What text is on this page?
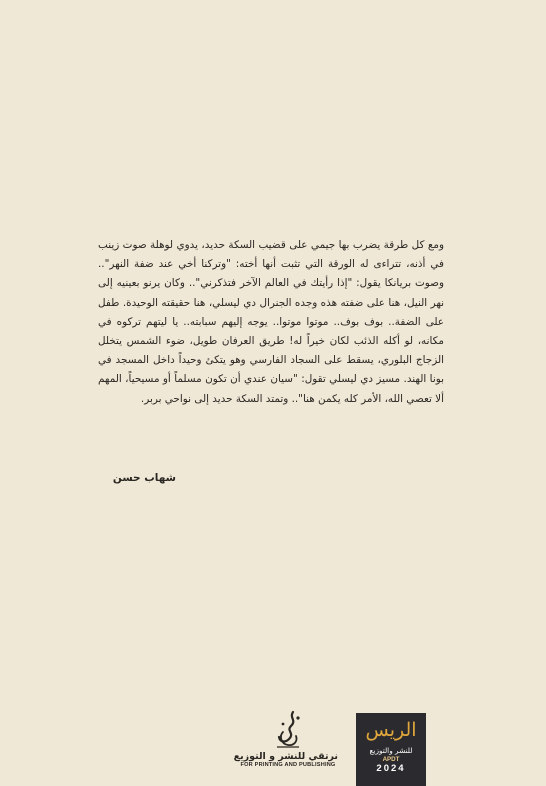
ومع كل طرقة يضرب بها جيمي على قضيب السكة حديد، يدوي لوهلة صوت زينب في أذنه، تتراءى له الورقة التي تثبت أنها أخته: "وتركنا أخي عند ضفة النهر".. وصوت بريانكا يقول: "إذا رأيتك في العالم الآخر فتذكرني".. وكان يرنو بعينيه إلى نهر النيل، هنا على ضفته هذه وجده الجنرال دي ليسلي، هنا حقيقته الوحيدة. طفل على الضفة.. بوف بوف.. موتوا موتوا.. يوجه إليهم سبابته.. يا ليتهم تركوه في مكانه، لو أكله الذئب لكان خيراً له! طريق العرفان طويل، ضوء الشمس يتخلل الزجاج البلوري، يسقط على السجاد الفارسي وهو يتكئ وحيداً داخل المسجد في بونا الهند. مسيز دي ليسلي تقول: "سيان عندي أن تكون مسلماً أو مسيحياً، المهم ألا تعصي الله، الأمر كله يكمن هنا".. وتمتد السكة حديد إلى نواحي بربر.

شهاب حسن
نرتقي للنشر و التوزيع
FOR PRINTING AND PUBLISHING
الريس
للنشر والتوزيع
APDT
2024
